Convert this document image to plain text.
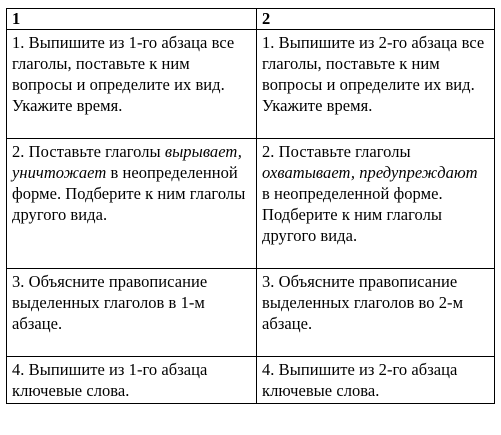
1	2
1. Выпишите из 1-го абзаца все глаголы, поставьте к ним вопросы и определите их вид. Укажите время.	1. Выпишите из 2-го абзаца все глаголы, поставьте к ним вопросы и определите их вид. Укажите время.
2. Поставьте глаголы вырывает, уничтожает в неопределенной форме. Подберите к ним глаголы другого вида.	2. Поставьте глаголы охватывает, предупреждают в неопределенной форме. Подберите к ним глаголы другого вида.
3. Объясните правописание выделенных глаголов в 1-м абзаце.	3. Объясните правописание выделенных глаголов во 2-м абзаце.
4. Выпишите из 1-го абзаца ключевые слова.	4. Выпишите из 2-го абзаца ключевые слова.
